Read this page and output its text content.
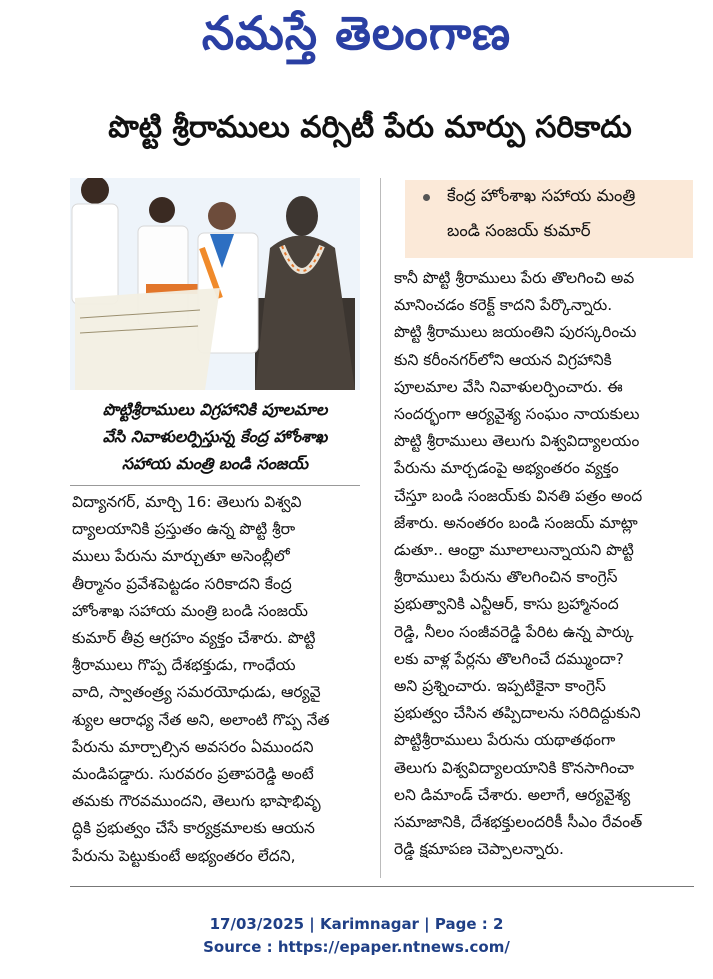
నమస్తే తెలంగాణ
పొట్టి శ్రీరాములు వర్సిటీ పేరు మార్పు సరికాదు
పొట్టిశ్రీరాములు విగ్రహానికి పూలమాల
వేసి నివాళులర్పిస్తున్న కేంద్ర హోంశాఖ
సహాయ మంత్రి బండి సంజయ్
కేంద్ర హోంశాఖ సహాయ మంత్రి
బండి సంజయ్ కుమార్
విద్యానగర్, మార్చి 16: తెలుగు విశ్వవి
ద్యాలయానికి ప్రస్తుతం ఉన్న పొట్టి శ్రీరా
ములు పేరును మార్చుతూ అసెంబ్లీలో
తీర్మానం ప్రవేశపెట్టడం సరికాదని కేంద్ర
హోంశాఖ సహాయ మంత్రి బండి సంజయ్
కుమార్ తీవ్ర ఆగ్రహం వ్యక్తం చేశారు. పొట్టి
శ్రీరాములు గొప్ప దేశభక్తుడు, గాంధేయ
వాది, స్వాతంత్ర్య సమరయోధుడు, ఆర్యవై
శ్యుల ఆరాధ్య నేత అని, అలాంటి గొప్ప నేత
పేరును మార్చాల్సిన అవసరం ఏముందని
మండిపడ్డారు. సురవరం ప్రతాపరెడ్డి అంటే
తమకు గౌరవముందని, తెలుగు భాషాభివృ
ద్ధికి ప్రభుత్వం చేసే కార్యక్రమాలకు ఆయన
పేరును పెట్టుకుంటే అభ్యంతరం లేదని,
కానీ పొట్టి శ్రీరాములు పేరు తొలగించి అవ
మానించడం కరెక్ట్ కాదని పేర్కొన్నారు.
పొట్టి శ్రీరాములు జయంతిని పురస్కరించు
కుని కరీంనగర్‌లోని ఆయన విగ్రహానికి
పూలమాల వేసి నివాళులర్పించారు. ఈ
సందర్భంగా ఆర్యవైశ్య సంఘం నాయకులు
పొట్టి శ్రీరాములు తెలుగు విశ్వవిద్యాలయం
పేరును మార్చడంపై అభ్యంతరం వ్యక్తం
చేస్తూ బండి సంజయ్‌కు వినతి పత్రం అంద
జేశారు. అనంతరం బండి సంజయ్ మాట్లా
డుతూ.. ఆంధ్రా మూలాలున్నాయని పొట్టి
శ్రీరాములు పేరును తొలగించిన కాంగ్రెస్
ప్రభుత్వానికి ఎన్టీఆర్, కాసు బ్రహ్మానంద
రెడ్డి, నీలం సంజీవరెడ్డి పేరిట ఉన్న పార్కు
లకు వాళ్ల పేర్లను తొలగించే దమ్ముందా?
అని ప్రశ్నించారు. ఇప్పటికైనా కాంగ్రెస్
ప్రభుత్వం చేసిన తప్పిదాలను సరిదిద్దుకుని
పొట్టిశ్రీరాములు పేరును యథాతథంగా
తెలుగు విశ్వవిద్యాలయానికి కొనసాగించా
లని డిమాండ్ చేశారు. అలాగే, ఆర్యవైశ్య
సమాజానికి, దేశభక్తులందరికీ సీఎం రేవంత్
రెడ్డి క్షమాపణ చెప్పాలన్నారు.
17/03/2025 | Karimnagar | Page : 2
Source : https://epaper.ntnews.com/
